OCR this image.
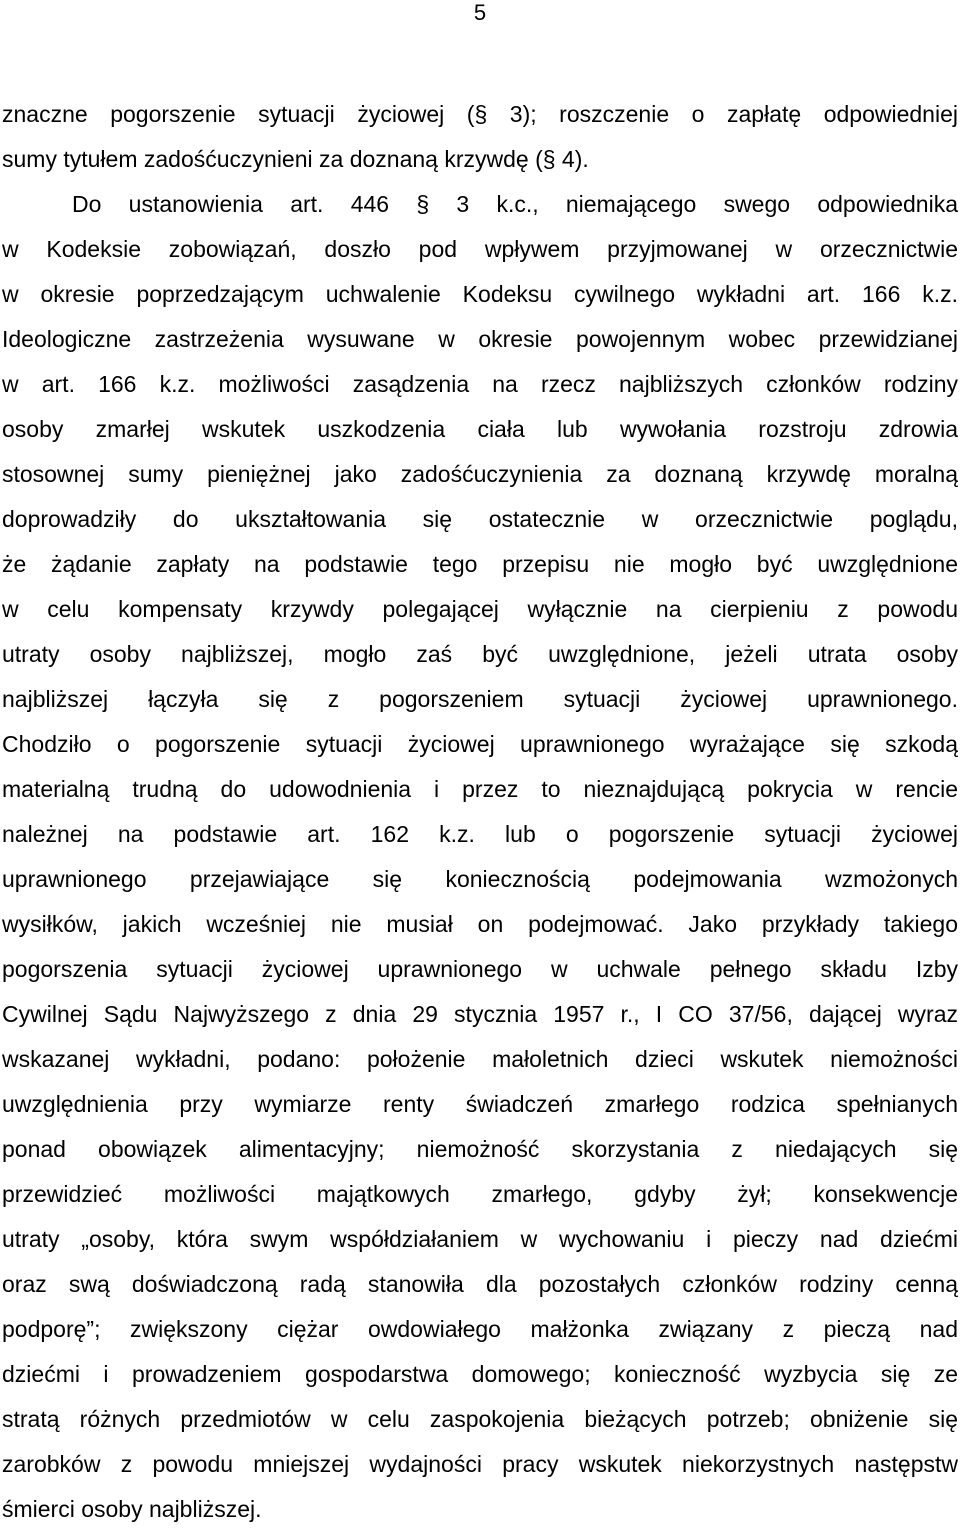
5
znaczne pogorszenie sytuacji życiowej (§ 3); roszczenie o zapłatę odpowiedniej
sumy tytułem zadośćuczynieni za doznaną krzywdę (§ 4).
Do ustanowienia art. 446 § 3 k.c., niemającego swego odpowiednika
w Kodeksie zobowiązań, doszło pod wpływem przyjmowanej w orzecznictwie
w okresie poprzedzającym uchwalenie Kodeksu cywilnego wykładni art. 166 k.z.
Ideologiczne zastrzeżenia wysuwane w okresie powojennym wobec przewidzianej
w art. 166 k.z. możliwości zasądzenia na rzecz najbliższych członków rodziny
osoby zmarłej wskutek uszkodzenia ciała lub wywołania rozstroju zdrowia
stosownej sumy pieniężnej jako zadośćuczynienia za doznaną krzywdę moralną
doprowadziły do ukształtowania się ostatecznie w orzecznictwie poglądu,
że żądanie zapłaty na podstawie tego przepisu nie mogło być uwzględnione
w celu kompensaty krzywdy polegającej wyłącznie na cierpieniu z powodu
utraty osoby najbliższej, mogło zaś być uwzględnione, jeżeli utrata osoby
najbliższej łączyła się z pogorszeniem sytuacji życiowej uprawnionego.
Chodziło o pogorszenie sytuacji życiowej uprawnionego wyrażające się szkodą
materialną trudną do udowodnienia i przez to nieznajdującą pokrycia w rencie
należnej na podstawie art. 162 k.z. lub o pogorszenie sytuacji życiowej
uprawnionego przejawiające się koniecznością podejmowania wzmożonych
wysiłków, jakich wcześniej nie musiał on podejmować. Jako przykłady takiego
pogorszenia sytuacji życiowej uprawnionego w uchwale pełnego składu Izby
Cywilnej Sądu Najwyższego z dnia 29 stycznia 1957 r., I CO 37/56, dającej wyraz
wskazanej wykładni, podano: położenie małoletnich dzieci wskutek niemożności
uwzględnienia przy wymiarze renty świadczeń zmarłego rodzica spełnianych
ponad obowiązek alimentacyjny; niemożność skorzystania z niedających się
przewidzieć możliwości majątkowych zmarłego, gdyby żył; konsekwencje
utraty „osoby, która swym współdziałaniem w wychowaniu i pieczy nad dziećmi
oraz swą doświadczoną radą stanowiła dla pozostałych członków rodziny cenną
podporę”; zwiększony ciężar owdowiałego małżonka związany z pieczą nad
dziećmi i prowadzeniem gospodarstwa domowego; konieczność wyzbycia się ze
stratą różnych przedmiotów w celu zaspokojenia bieżących potrzeb; obniżenie się
zarobków z powodu mniejszej wydajności pracy wskutek niekorzystnych następstw
śmierci osoby najbliższej.
